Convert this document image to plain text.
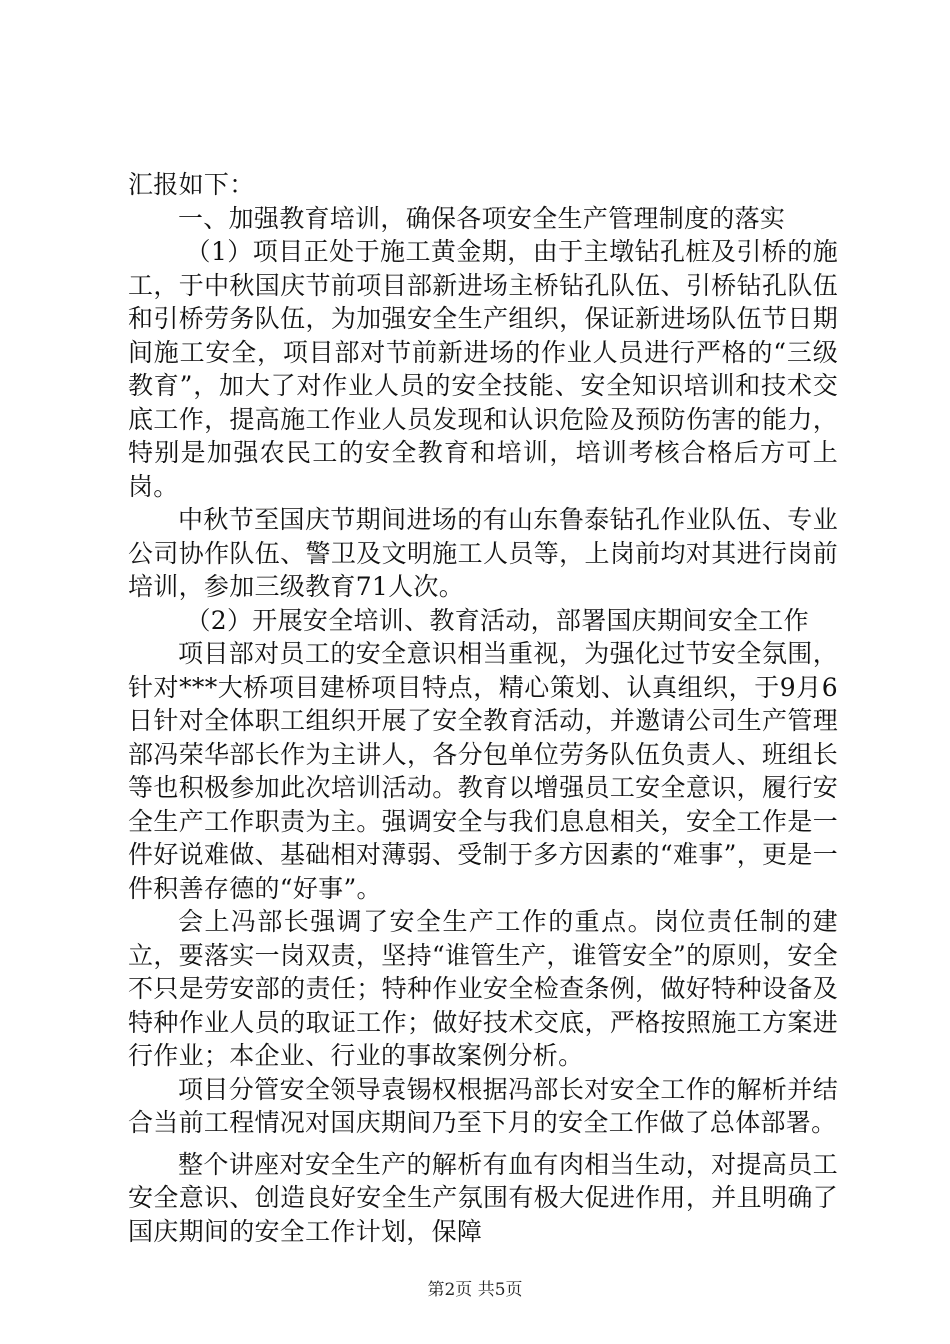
汇报如下：

一、加强教育培训，确保各项安全生产管理制度的落实

（1）项目正处于施工黄金期，由于主墩钻孔桩及引桥的施工，于中秋国庆节前项目部新进场主桥钻孔队伍、引桥钻孔队伍和引桥劳务队伍，为加强安全生产组织，保证新进场队伍节日期间施工安全，项目部对节前新进场的作业人员进行严格的“三级教育”，加大了对作业人员的安全技能、安全知识培训和技术交底工作，提高施工作业人员发现和认识危险及预防伤害的能力，特别是加强农民工的安全教育和培训，培训考核合格后方可上岗。

中秋节至国庆节期间进场的有山东鲁泰钻孔作业队伍、专业公司协作队伍、警卫及文明施工人员等，上岗前均对其进行岗前培训，参加三级教育71人次。

（2）开展安全培训、教育活动，部署国庆期间安全工作

项目部对员工的安全意识相当重视，为强化过节安全氛围，针对***大桥项目建桥项目特点，精心策划、认真组织，于9月6日针对全体职工组织开展了安全教育活动，并邀请公司生产管理部冯荣华部长作为主讲人，各分包单位劳务队伍负责人、班组长等也积极参加此次培训活动。教育以增强员工安全意识，履行安全生产工作职责为主。强调安全与我们息息相关，安全工作是一件好说难做、基础相对薄弱、受制于多方因素的“难事”，更是一件积善存德的“好事”。

会上冯部长强调了安全生产工作的重点。岗位责任制的建立，要落实一岗双责，坚持“谁管生产，谁管安全”的原则，安全不只是劳安部的责任；特种作业安全检查条例，做好特种设备及特种作业人员的取证工作；做好技术交底，严格按照施工方案进行作业；本企业、行业的事故案例分析。

项目分管安全领导袁锡权根据冯部长对安全工作的解析并结合当前工程情况对国庆期间乃至下月的安全工作做了总体部署。

整个讲座对安全生产的解析有血有肉相当生动，对提高员工安全意识、创造良好安全生产氛围有极大促进作用，并且明确了国庆期间的安全工作计划，保障

第2页 共5页
